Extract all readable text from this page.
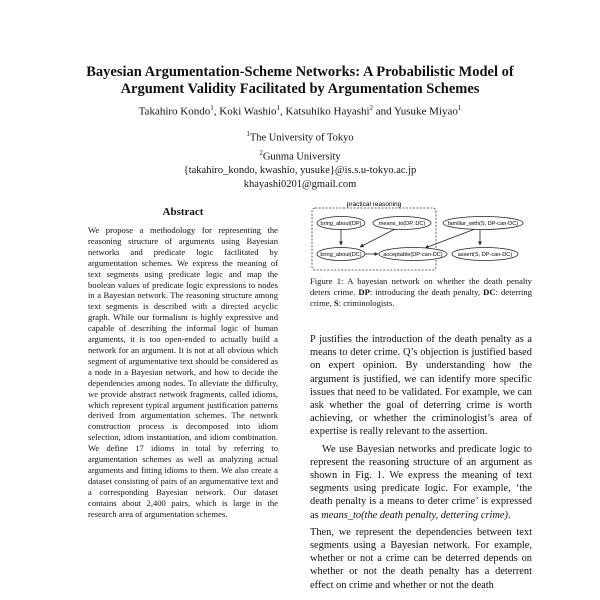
Bayesian Argumentation-Scheme Networks: A Probabilistic Model of
Argument Validity Facilitated by Argumentation Schemes
Takahiro Kondo$^1$, Koki Washio$^1$, Katsuhiko Hayashi$^2$ and Yusuke Miyao$^1$
$^1$The University of Tokyo
$^2$Gunma University
{takahiro_kondo, kwashio, yusuke}@is.s.u-tokyo.ac.jp
khayashi0201@gmail.com
Abstract
We propose a methodology for representing the reasoning structure of arguments using Bayesian networks and predicate logic facilitated by argumentation schemes. We express the meaning of text segments using predicate logic and map the boolean values of predicate logic expressions to nodes in a Bayesian network. The reasoning structure among text segments is described with a directed acyclic graph. While our formalism is highly expressive and capable of describing the informal logic of human arguments, it is too open-ended to actually build a network for an argument. It is not at all obvious which segment of argumentative text should be considered as a node in a Bayesian network, and how to decide the dependencies among nodes. To alleviate the difficulty, we provide abstract network fragments, called idioms, which represent typical argument justification patterns derived from argumentation schemes. The network construction process is decomposed into idiom selection, idiom instantiation, and idiom combination. We define 17 idioms in total by referring to argumentation schemes as well as analyzing actual arguments and fitting idioms to them. We also create a dataset consisting of pairs of an argumentative text and a corresponding Bayesian network. Our dataset contains about 2,400 pairs, which is large in the research area of argumentation schemes.
practical reasoning
bring_about(DP)	means_to(DP, DC)	familiar_with(S, DP-can-DC)
bring_about(DC)	acceptable(DP-can-DC)	assert(S, DP-can-DC)
Figure 1: A bayesian network on whether the death penalty deters crime. DP: introducing the death penalty, DC: deterring crime, S: criminologists.

P justifies the introduction of the death penalty as a means to deter crime. Q’s objection is justified based on expert opinion. By understanding how the argument is justified, we can identify more specific issues that need to be validated. For example, we can ask whether the goal of deterring crime is worth achieving, or whether the criminologist’s area of expertise is really relevant to the assertion.

We use Bayesian networks and predicate logic to represent the reasoning structure of an argument as shown in Fig. 1. We express the meaning of text segments using predicate logic. For example, ‘the death penalty is a means to deter crime’ is expressed as means_to(the death penalty, dettering crime).

Then, we represent the dependencies between text segments using a Bayesian network. For example, whether or not a crime can be deterred depends on whether or not the death penalty has a deterrent effect on crime and whether or not the death
